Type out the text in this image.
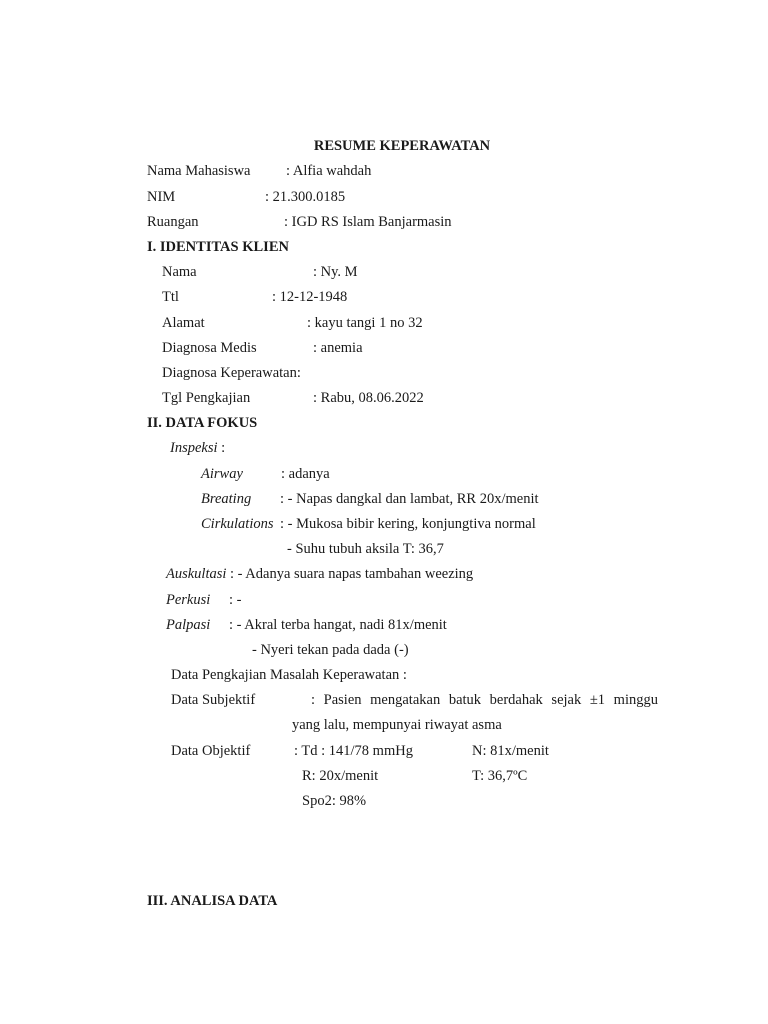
RESUME KEPERAWATAN
Nama Mahasiswa : Alfia wahdah
NIM	: 21.300.0185
Ruangan	: IGD RS Islam Banjarmasin
I. IDENTITAS KLIEN
Nama	: Ny. M
Ttl	: 12-12-1948
Alamat	: kayu tangi 1 no 32
Diagnosa Medis	: anemia
Diagnosa Keperawatan:
Tgl Pengkajian	: Rabu, 08.06.2022
II. DATA FOKUS
Inspeksi :
Airway	: adanya
Breating : - Napas dangkal dan lambat, RR 20x/menit
Cirkulations : - Mukosa bibir kering, konjungtiva normal
- Suhu tubuh aksila T: 36,7
Auskultasi : - Adanya suara napas tambahan weezing
Perkusi : -
Palpasi : - Akral terba hangat, nadi 81x/menit
- Nyeri tekan pada dada (-)
Data Pengkajian Masalah Keperawatan :
Data Subjektif	: Pasien mengatakan batuk berdahak sejak ±1 minggu
yang lalu, mempunyai riwayat asma
Data Objektif	: Td : 141/78 mmHg	N: 81x/menit
R: 20x/menit	T: 36,7ºC
Spo2: 98%
III. ANALISA DATA
